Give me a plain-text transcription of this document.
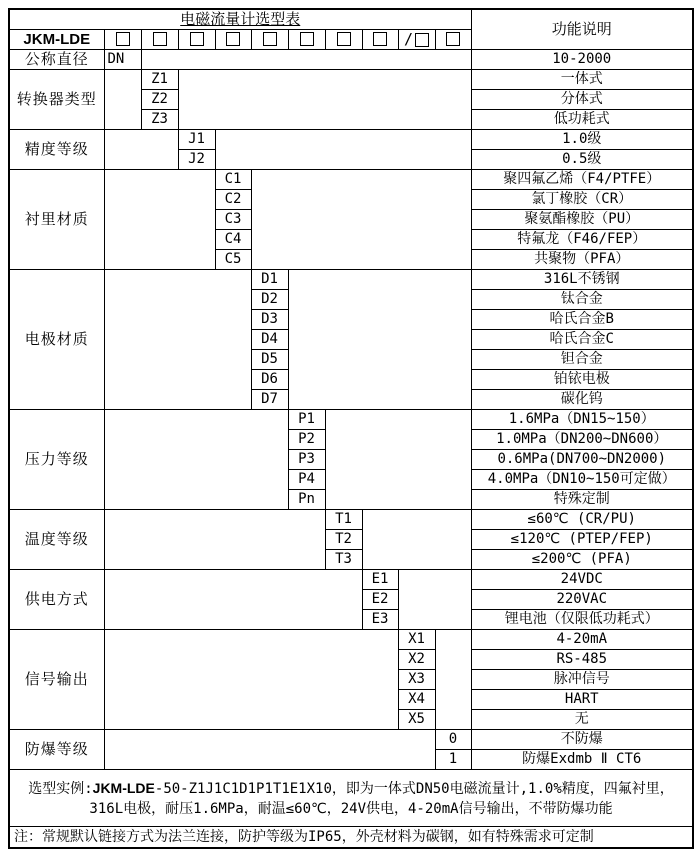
电磁流量计选型表											功能说明
JKM-LDE									/		
公称直径	DN										10-2000
转换器类型		Z1									一体式
		Z2									分体式
		Z3									低功耗式
精度等级			J1								1.0级
			J2								0.5级
衬里材质				C1							聚四氟乙烯（F4/PTFE）
				C2							氯丁橡胶（CR）
				C3							聚氨酯橡胶（PU）
				C4							特氟龙（F46/FEP）
				C5							共聚物（PFA）
电极材质					D1						316L不锈钢
					D2						钛合金
					D3						哈氏合金B
					D4						哈氏合金C
					D5						钽合金
					D6						铂铱电极
					D7						碳化钨
压力等级						P1					1.6MPa（DN15~150）
						P2					1.0MPa（DN200~DN600）
						P3					0.6MPa(DN700~DN2000)
						P4					4.0MPa（DN10~150可定做）
						Pn					特殊定制
温度等级							T1				≤60℃ (CR/PU)
							T2				≤120℃ (PTEP/FEP)
							T3				≤200℃ (PFA)
供电方式								E1			24VDC
								E2			220VAC
								E3			锂电池（仅限低功耗式）
信号输出									X1		4-20mA
									X2		RS-485
									X3		脉冲信号
									X4		HART
									X5		无
防爆等级										0	不防爆
										1	防爆Exdmb Ⅱ CT6
选型实例:JKM-LDE-50-Z1J1C1D1P1T1E1X10，即为一体式DN50电磁流量计,1.0%精度，四氟衬里，316L电极，耐压1.6MPa，耐温≤60℃，24V供电，4-20mA信号输出，不带防爆功能											
注：常规默认链接方式为法兰连接，防护等级为IP65，外壳材料为碳钢，如有特殊需求可定制											
